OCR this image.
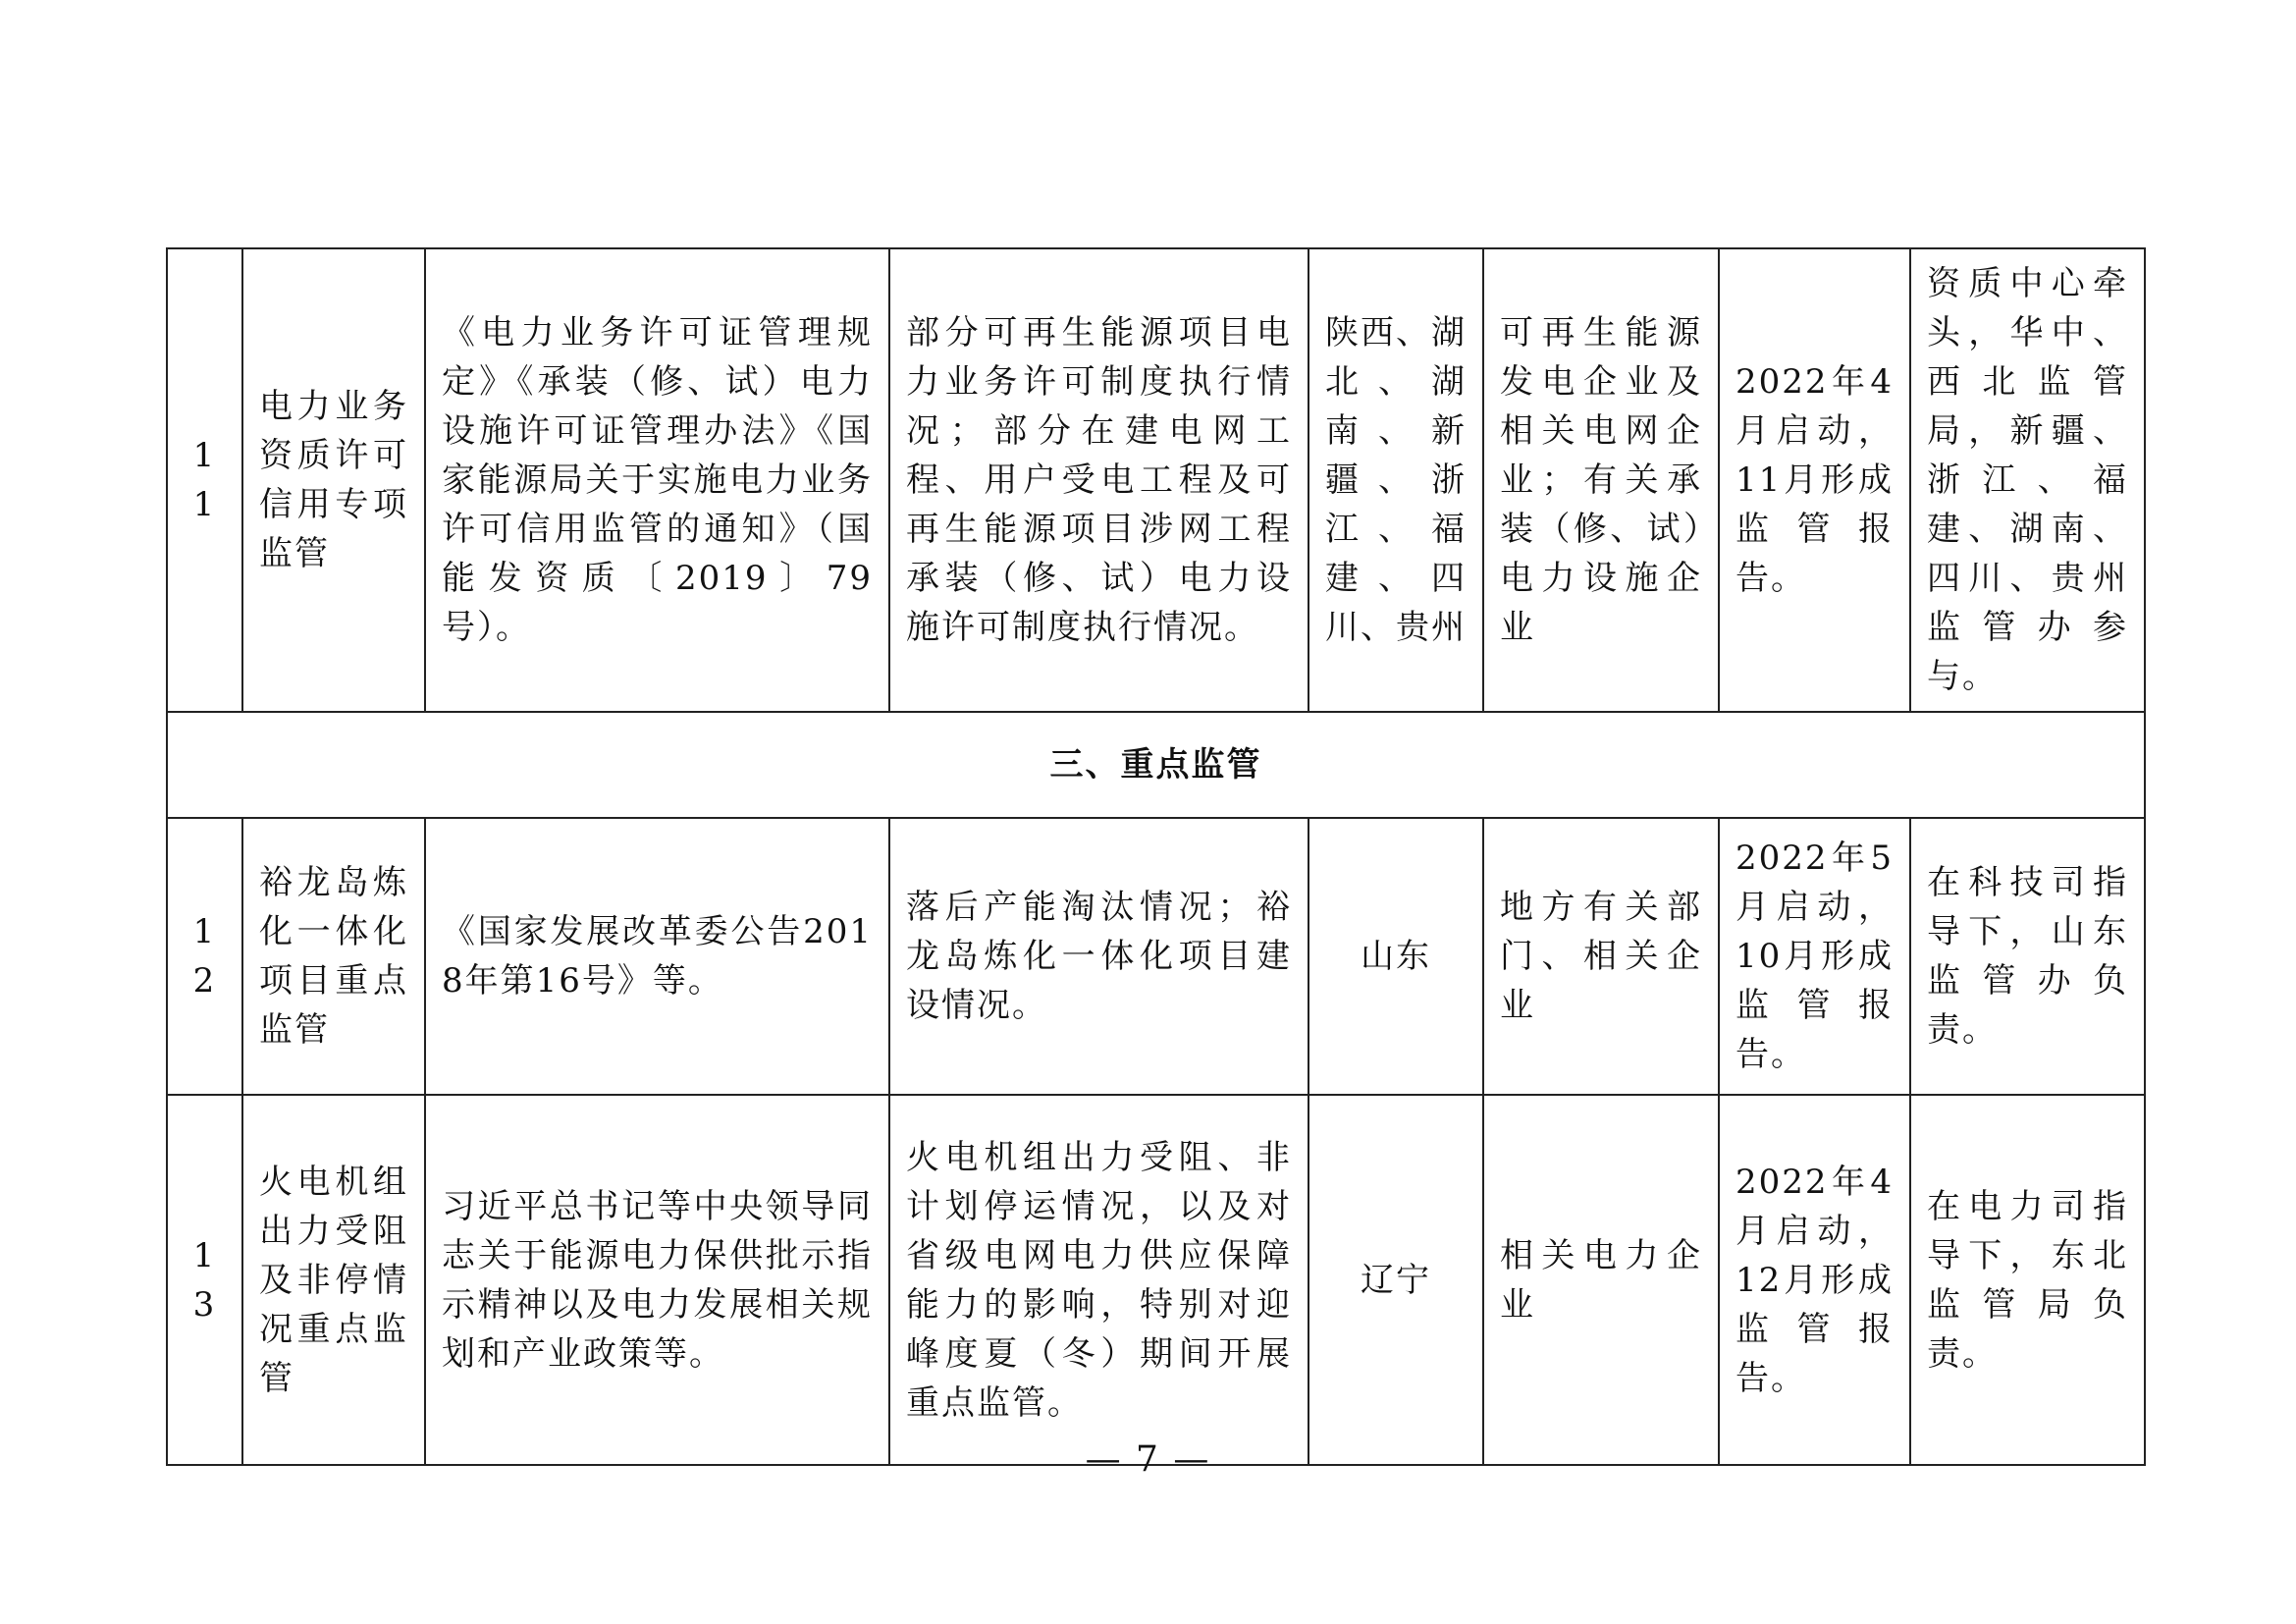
11	电力业务资质许可信用专项监管	《电力业务许可证管理规定》《承装（修、试）电力设施许可证管理办法》《国家能源局关于实施电力业务许可信用监管的通知》（国能发资质〔2019〕79号）。	部分可再生能源项目电力业务许可制度执行情况；部分在建电网工程、用户受电工程及可再生能源项目涉网工程承装（修、试）电力设施许可制度执行情况。	陕西、湖北、湖南、新疆、浙江、福建、四川、贵州	可再生能源发电企业及相关电网企业；有关承装（修、试）电力设施企业	2022年4月启动，11月形成监管报告。	资质中心牵头，华中、西北监管局，新疆、浙江、福建、湖南、四川、贵州监管办参与。
三、重点监管							
12	裕龙岛炼化一体化项目重点监管	《国家发展改革委公告2018年第16号》等。	落后产能淘汰情况；裕龙岛炼化一体化项目建设情况。	山东	地方有关部门、相关企业	2022年5月启动，10月形成监管报告。	在科技司指导下，山东监管办负责。
13	火电机组出力受阻及非停情况重点监管	习近平总书记等中央领导同志关于能源电力保供批示指示精神以及电力发展相关规划和产业政策等。	火电机组出力受阻、非计划停运情况，以及对省级电网电力供应保障能力的影响，特别对迎峰度夏（冬）期间开展重点监管。	辽宁	相关电力企业	2022年4月启动，12月形成监管报告。	在电力司指导下，东北监管局负责。
— 7 —
